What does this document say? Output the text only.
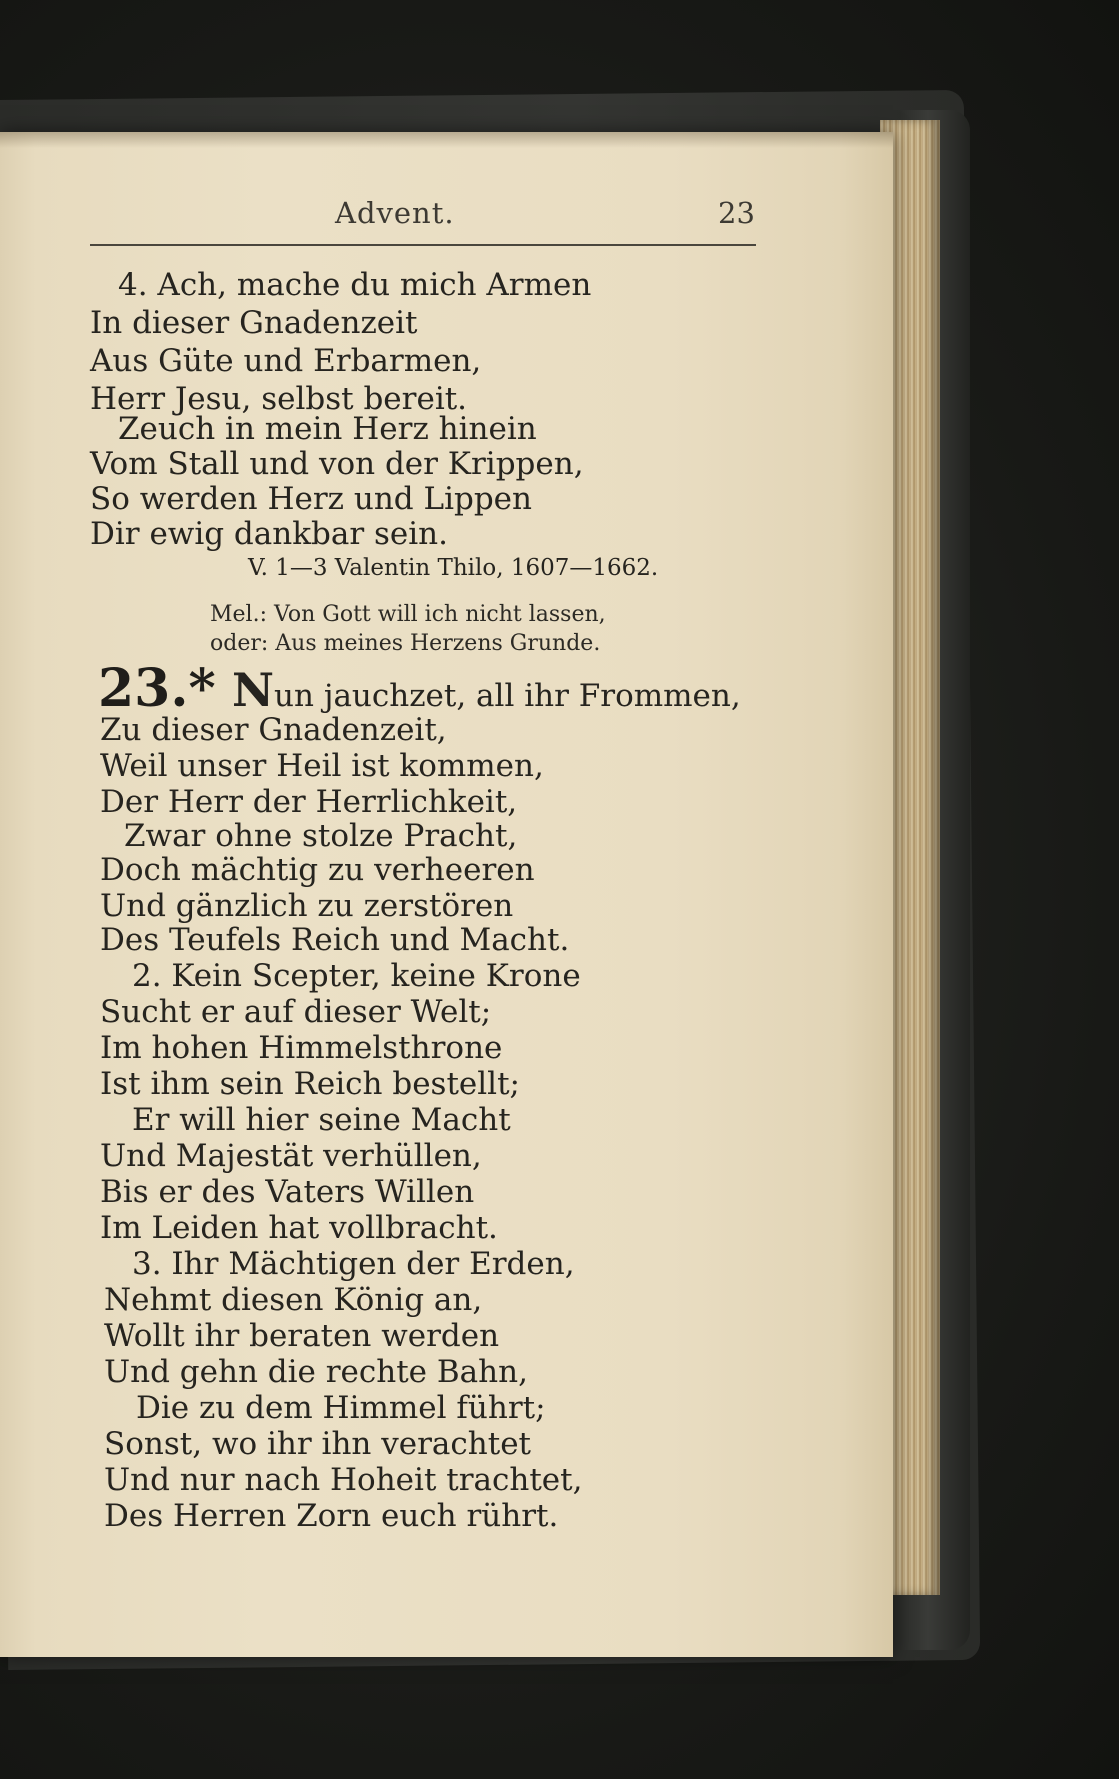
Advent.	23
4. Ach, mache du mich Armen
In dieser Gnadenzeit
Aus Güte und Erbarmen,
Herr Jesu, selbst bereit.
Zeuch in mein Herz hinein
Vom Stall und von der Krippen,
So werden Herz und Lippen
Dir ewig dankbar sein.
V. 1—3 Valentin Thilo, 1607—1662.
Mel.: Von Gott will ich nicht lassen,
oder: Aus meines Herzens Grunde.
23.* Nun jauchzet, all ihr Frommen,
Zu dieser Gnadenzeit,
Weil unser Heil ist kommen,
Der Herr der Herrlichkeit,
Zwar ohne stolze Pracht,
Doch mächtig zu verheeren
Und gänzlich zu zerstören
Des Teufels Reich und Macht.
2. Kein Scepter, keine Krone
Sucht er auf dieser Welt;
Im hohen Himmelsthrone
Ist ihm sein Reich bestellt;
Er will hier seine Macht
Und Majestät verhüllen,
Bis er des Vaters Willen
Im Leiden hat vollbracht.
3. Ihr Mächtigen der Erden,
Nehmt diesen König an,
Wollt ihr beraten werden
Und gehn die rechte Bahn,
Die zu dem Himmel führt;
Sonst, wo ihr ihn verachtet
Und nur nach Hoheit trachtet,
Des Herren Zorn euch rührt.
